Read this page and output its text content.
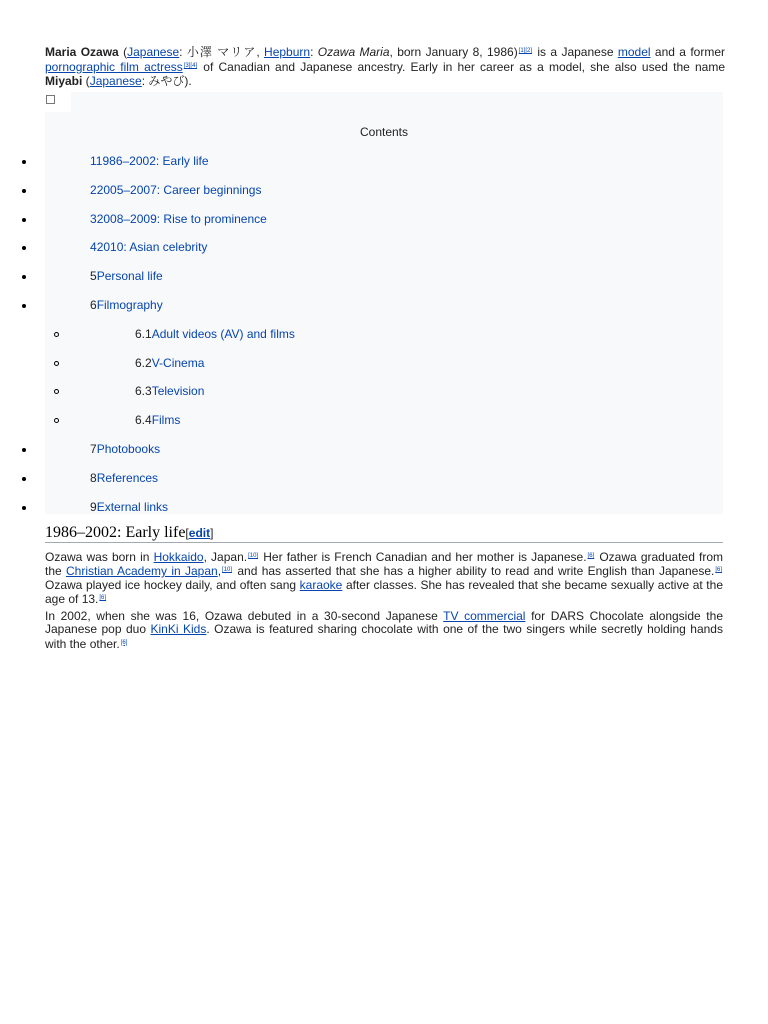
Maria Ozawa (Japanese: 小澤 マリア, Hepburn: Ozawa Maria, born January 8, 1986)[1][2] is a Japanese model and a former pornographic film actress[3][4] of Canadian and Japanese ancestry. Early in her career as a model, she also used the name Miyabi (Japanese: みやび).
Contents
11986–2002: Early life
22005–2007: Career beginnings
32008–2009: Rise to prominence
42010: Asian celebrity
5Personal life
6Filmography
6.1Adult videos (AV) and films
6.2V-Cinema
6.3Television
6.4Films
7Photobooks
8References
9External links
1986–2002: Early life[edit]
Ozawa was born in Hokkaido, Japan.[10] Her father is French Canadian and her mother is Japanese.[6] Ozawa graduated from the Christian Academy in Japan,[10] and has asserted that she has a higher ability to read and write English than Japanese.[6] Ozawa played ice hockey daily, and often sang karaoke after classes. She has revealed that she became sexually active at the age of 13.[6]
In 2002, when she was 16, Ozawa debuted in a 30-second Japanese TV commercial for DARS Chocolate alongside the Japanese pop duo KinKi Kids. Ozawa is featured sharing chocolate with one of the two singers while secretly holding hands with the other.[6]
